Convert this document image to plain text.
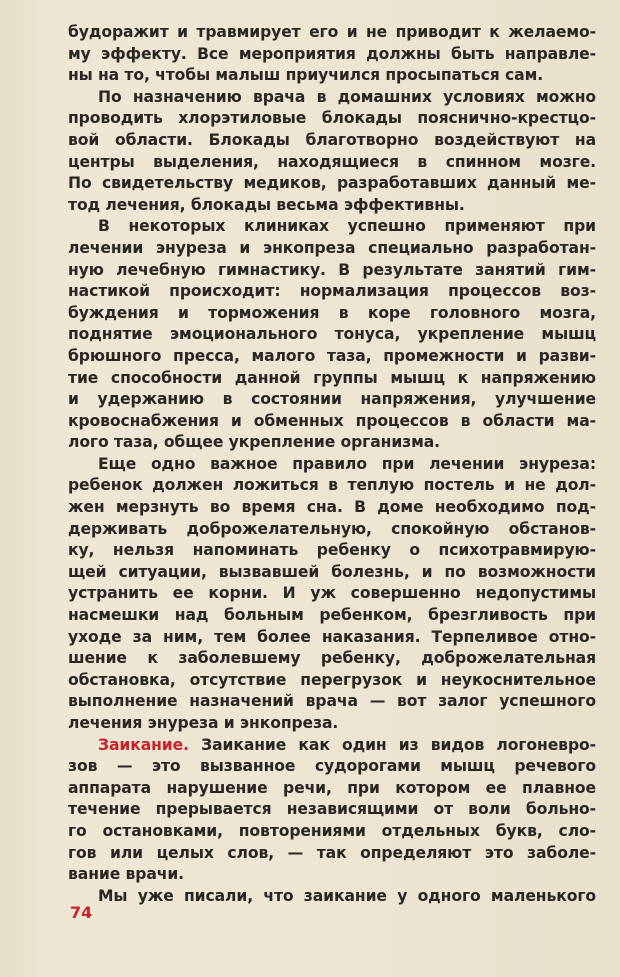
будоражит и травмирует его и не приводит к желаемо-
му эффекту. Все мероприятия должны быть направле-
ны на то, чтобы малыш приучился просыпаться сам.
По назначению врача в домашних условиях можно
проводить хлорэтиловые блокады пояснично-крестцо-
вой области. Блокады благотворно воздействуют на
центры выделения, находящиеся в спинном мозге.
По свидетельству медиков, разработавших данный ме-
тод лечения, блокады весьма эффективны.
В некоторых клиниках успешно применяют при
лечении энуреза и энкопреза специально разработан-
ную лечебную гимнастику. В результате занятий гим-
настикой происходит: нормализация процессов воз-
буждения и торможения в коре головного мозга,
поднятие эмоционального тонуса, укрепление мышц
брюшного пресса, малого таза, промежности и разви-
тие способности данной группы мышц к напряжению
и удержанию в состоянии напряжения, улучшение
кровоснабжения и обменных процессов в области ма-
лого таза, общее укрепление организма.
Еще одно важное правило при лечении энуреза:
ребенок должен ложиться в теплую постель и не дол-
жен мерзнуть во время сна. В доме необходимо под-
держивать доброжелательную, спокойную обстанов-
ку, нельзя напоминать ребенку о психотравмирую-
щей ситуации, вызвавшей болезнь, и по возможности
устранить ее корни. И уж совершенно недопустимы
насмешки над больным ребенком, брезгливость при
уходе за ним, тем более наказания. Терпеливое отно-
шение к заболевшему ребенку, доброжелательная
обстановка, отсутствие перегрузок и неукоснительное
выполнение назначений врача — вот залог успешного
лечения энуреза и энкопреза.
Заикание. Заикание как один из видов логоневро-
зов — это вызванное судорогами мышц речевого
аппарата нарушение речи, при котором ее плавное
течение прерывается независящими от воли больно-
го остановками, повторениями отдельных букв, сло-
гов или целых слов, — так определяют это заболе-
вание врачи.
Мы уже писали, что заикание у одного маленького
74
